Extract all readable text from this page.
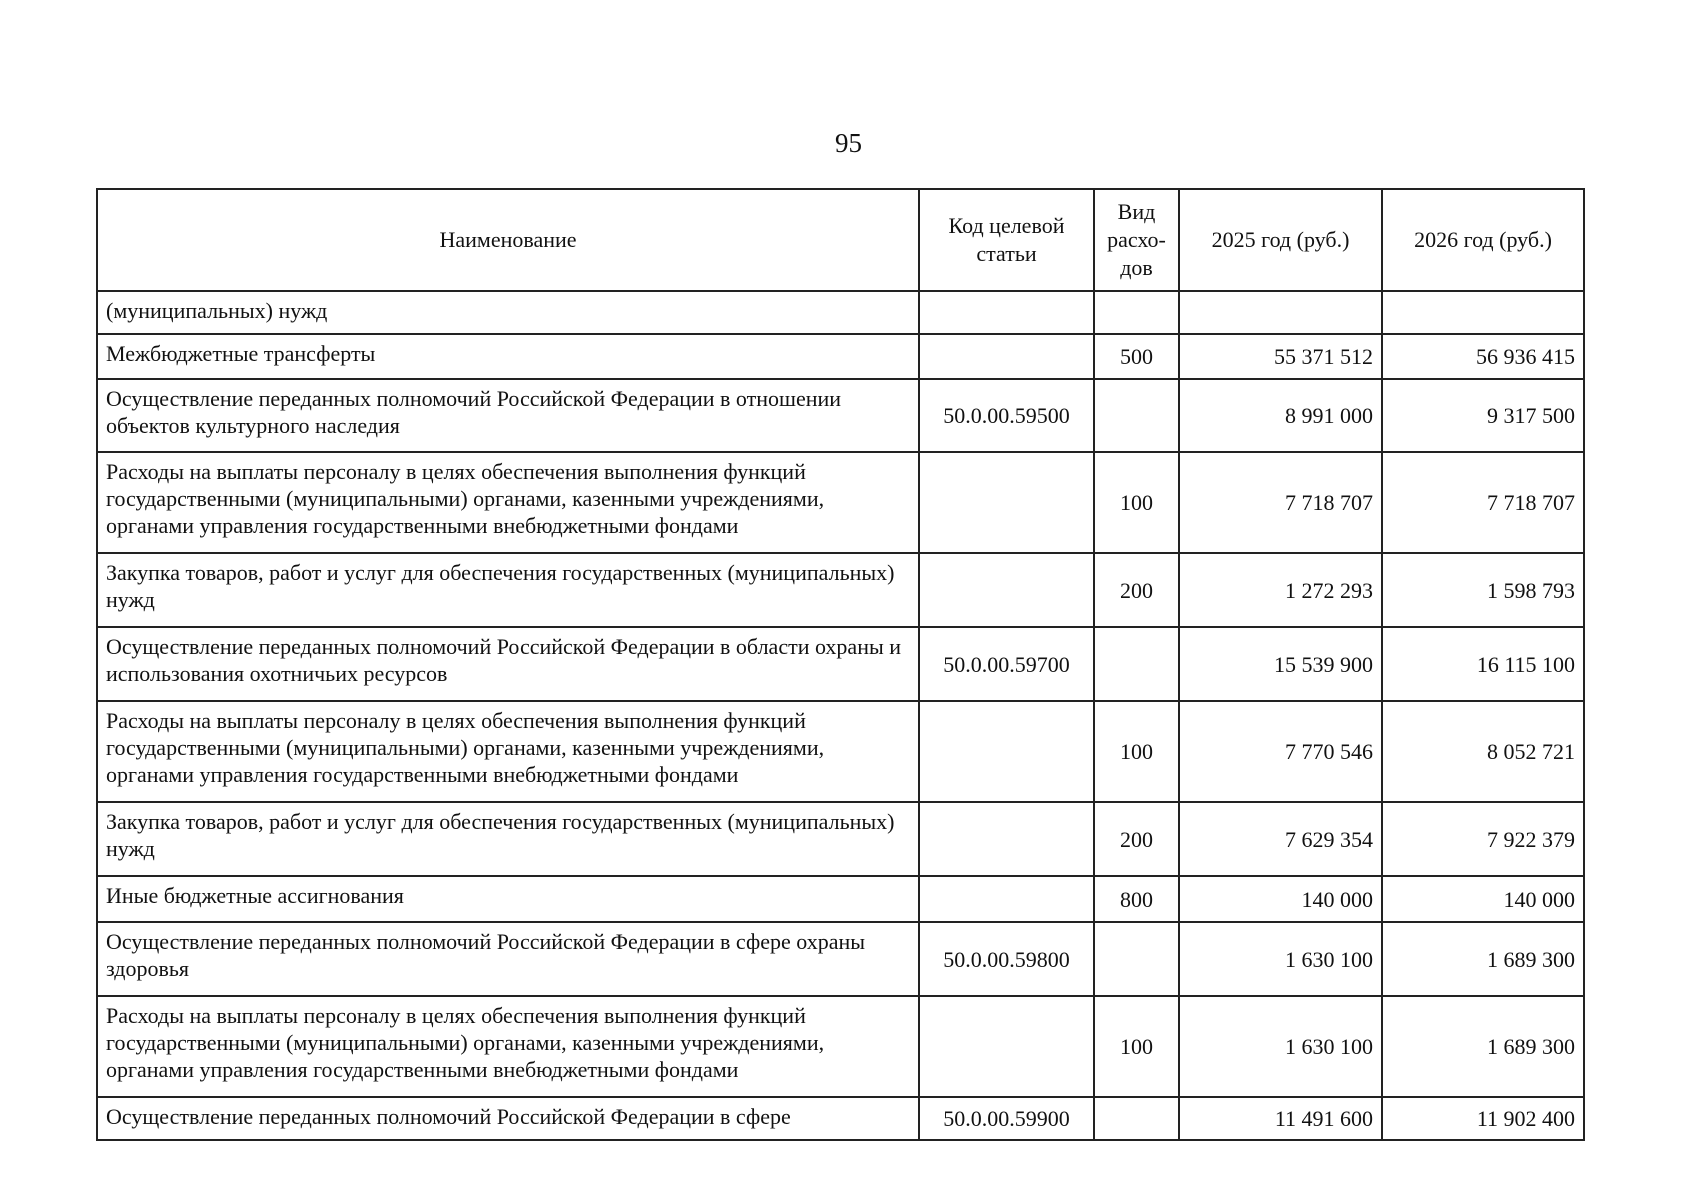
95
Наименование	Код целевой статьи	Вид расхо-дов	2025 год (руб.)	2026 год (руб.)
(муниципальных) нужд				
Межбюджетные трансферты		500	55 371 512	56 936 415
Осуществление переданных полномочий Российской Федерации в отношении объектов культурного наследия	50.0.00.59500		8 991 000	9 317 500
Расходы на выплаты персоналу в целях обеспечения выполнения функций государственными (муниципальными) органами, казенными учреждениями, органами управления государственными внебюджетными фондами		100	7 718 707	7 718 707
Закупка товаров, работ и услуг для обеспечения государственных (муниципальных) нужд		200	1 272 293	1 598 793
Осуществление переданных полномочий Российской Федерации в области охраны и использования охотничьих ресурсов	50.0.00.59700		15 539 900	16 115 100
Расходы на выплаты персоналу в целях обеспечения выполнения функций государственными (муниципальными) органами, казенными учреждениями, органами управления государственными внебюджетными фондами		100	7 770 546	8 052 721
Закупка товаров, работ и услуг для обеспечения государственных (муниципальных) нужд		200	7 629 354	7 922 379
Иные бюджетные ассигнования		800	140 000	140 000
Осуществление переданных полномочий Российской Федерации в сфере охраны здоровья	50.0.00.59800		1 630 100	1 689 300
Расходы на выплаты персоналу в целях обеспечения выполнения функций государственными (муниципальными) органами, казенными учреждениями, органами управления государственными внебюджетными фондами		100	1 630 100	1 689 300
Осуществление переданных полномочий Российской Федерации в сфере	50.0.00.59900		11 491 600	11 902 400
